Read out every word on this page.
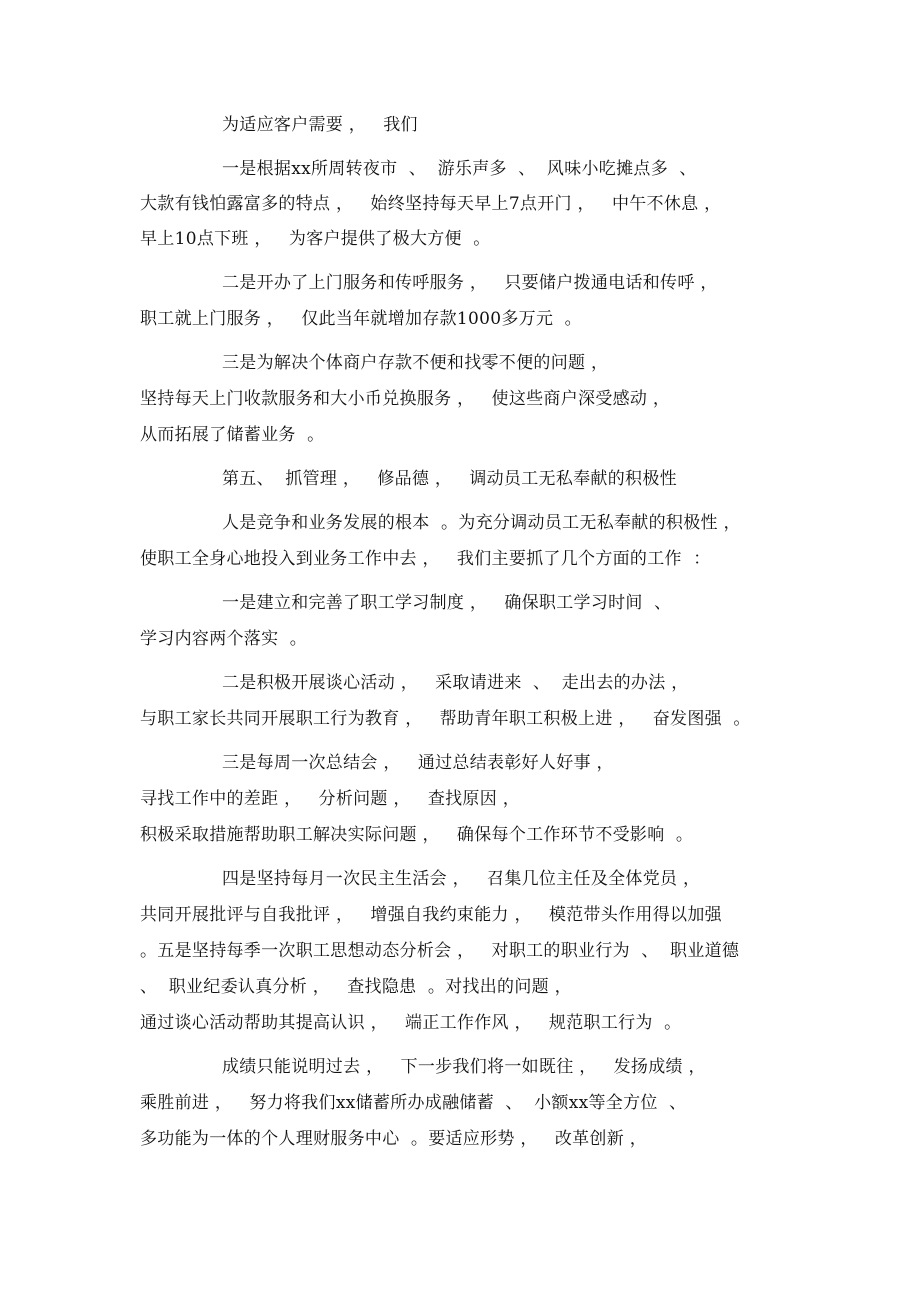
为适应客户需要 ，   我们
一是根据xx所周转夜市  、  游乐声多  、  风味小吃摊点多  、
大款有钱怕露富多的特点 ，   始终坚持每天早上7点开门 ，   中午不休息 ，
早上10点下班 ，   为客户提供了极大方便  。
二是开办了上门服务和传呼服务 ，   只要储户拨通电话和传呼 ，
职工就上门服务 ，   仅此当年就增加存款1000多万元  。
三是为解决个体商户存款不便和找零不便的问题 ，
坚持每天上门收款服务和大小币兑换服务 ，   使这些商户深受感动 ，
从而拓展了储蓄业务  。
第五、  抓管理 ，   修品德 ，   调动员工无私奉献的积极性
人是竞争和业务发展的根本  。为充分调动员工无私奉献的积极性 ，
使职工全身心地投入到业务工作中去 ，   我们主要抓了几个方面的工作  ：
一是建立和完善了职工学习制度 ，   确保职工学习时间  、
学习内容两个落实  。
二是积极开展谈心活动 ，   采取请进来  、  走出去的办法 ，
与职工家长共同开展职工行为教育 ，   帮助青年职工积极上进 ，   奋发图强  。
三是每周一次总结会 ，   通过总结表彰好人好事 ，
寻找工作中的差距 ，   分析问题 ，   查找原因 ，
积极采取措施帮助职工解决实际问题 ，   确保每个工作环节不受影响  。
四是坚持每月一次民主生活会 ，   召集几位主任及全体党员 ，
共同开展批评与自我批评 ，   增强自我约束能力 ，   模范带头作用得以加强
。五是坚持每季一次职工思想动态分析会 ，   对职工的职业行为  、  职业道德
、  职业纪委认真分析 ，   查找隐患  。对找出的问题 ，
通过谈心活动帮助其提高认识 ，   端正工作作风 ，   规范职工行为  。
成绩只能说明过去 ，   下一步我们将一如既往 ，   发扬成绩 ，
乘胜前进 ，   努力将我们xx储蓄所办成融储蓄  、  小额xx等全方位  、
多功能为一体的个人理财服务中心  。要适应形势 ，   改革创新 ，
